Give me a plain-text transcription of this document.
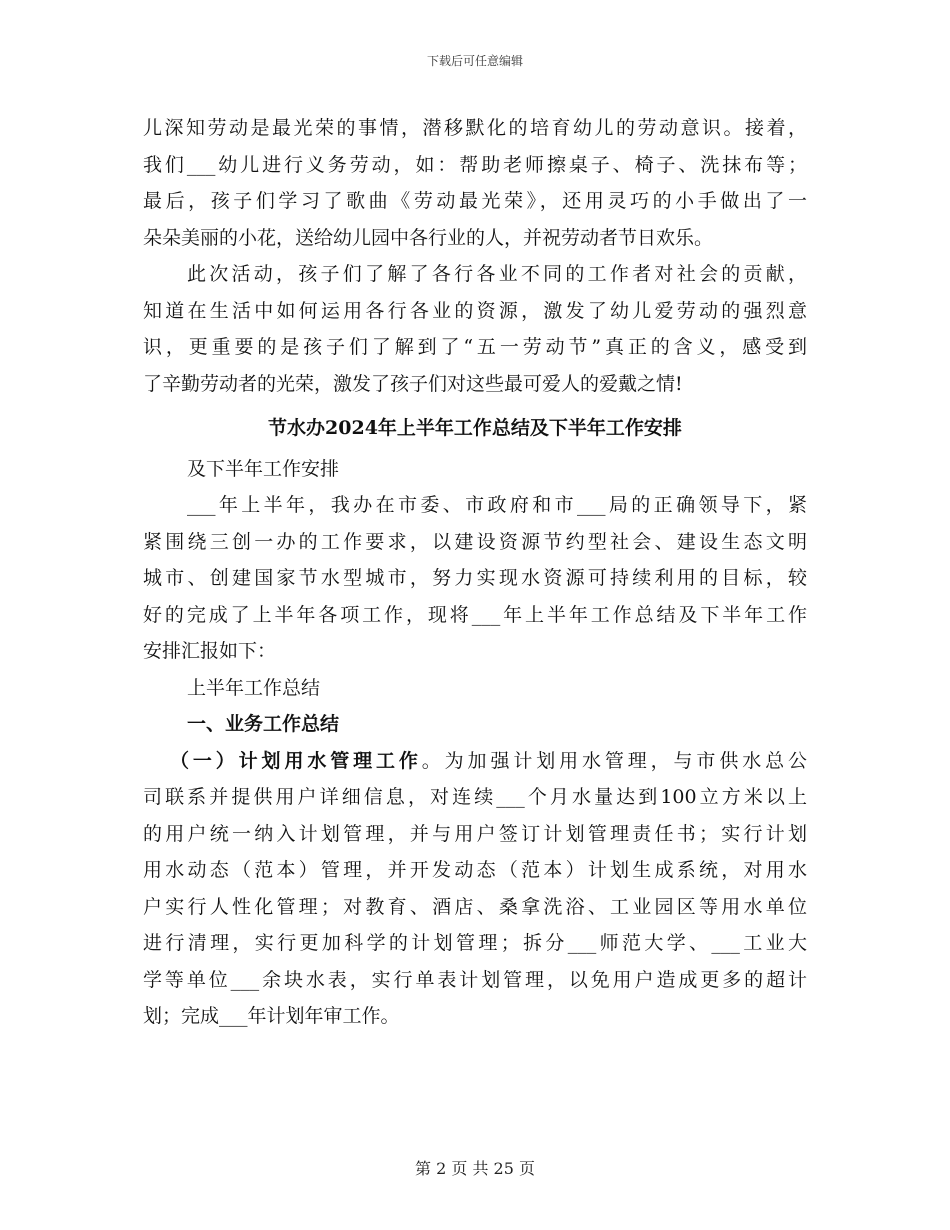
下载后可任意编辑
儿深知劳动是最光荣的事情，潜移默化的培育幼儿的劳动意识。接着，
我们___幼儿进行义务劳动，如：帮助老师擦桌子、椅子、洗抹布等；
最后，孩子们学习了歌曲《劳动最光荣》，还用灵巧的小手做出了一
朵朵美丽的小花，送给幼儿园中各行业的人，并祝劳动者节日欢乐。
此次活动，孩子们了解了各行各业不同的工作者对社会的贡献，
知道在生活中如何运用各行各业的资源，激发了幼儿爱劳动的强烈意
识，更重要的是孩子们了解到了“五一劳动节”真正的含义，感受到
了辛勤劳动者的光荣，激发了孩子们对这些最可爱人的爱戴之情!
节水办2024年上半年工作总结及下半年工作安排
及下半年工作安排
___年上半年，我办在市委、市政府和市___局的正确领导下，紧
紧围绕三创一办的工作要求，以建设资源节约型社会、建设生态文明
城市、创建国家节水型城市，努力实现水资源可持续利用的目标，较
好的完成了上半年各项工作，现将___年上半年工作总结及下半年工作
安排汇报如下：
上半年工作总结
一、业务工作总结
（一）计划用水管理工作。为加强计划用水管理，与市供水总公
司联系并提供用户详细信息，对连续___个月水量达到100立方米以上
的用户统一纳入计划管理，并与用户签订计划管理责任书；实行计划
用水动态（范本）管理，并开发动态（范本）计划生成系统，对用水
户实行人性化管理；对教育、酒店、桑拿洗浴、工业园区等用水单位
进行清理，实行更加科学的计划管理；拆分___师范大学、___工业大
学等单位___余块水表，实行单表计划管理，以免用户造成更多的超计
划；完成___年计划年审工作。
第 2 页 共 25 页
